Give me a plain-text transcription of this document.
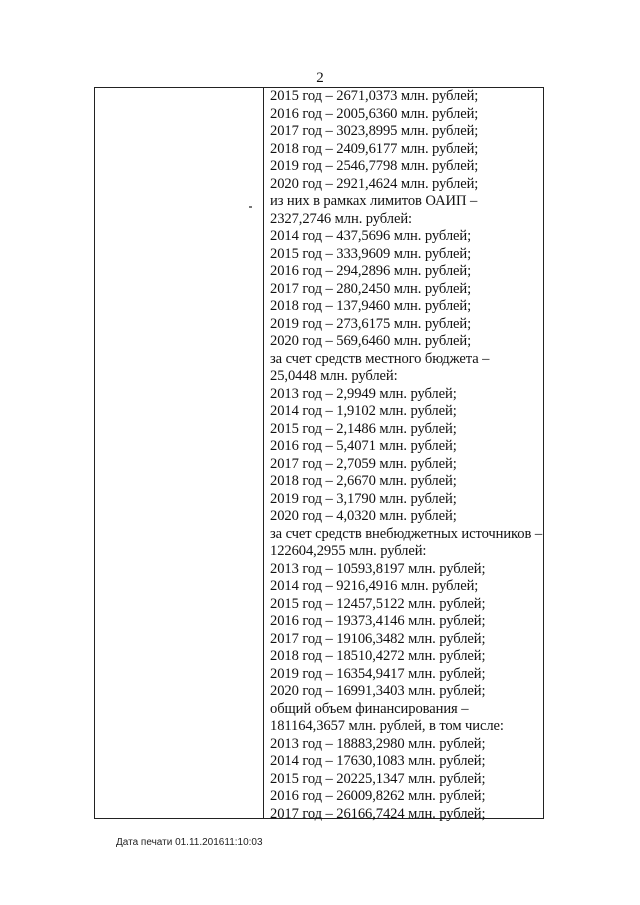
2
2015 год – 2671,0373 млн. рублей;
2016 год – 2005,6360 млн. рублей;
2017 год – 3023,8995 млн. рублей;
2018 год – 2409,6177 млн. рублей;
2019 год – 2546,7798 млн. рублей;
2020 год – 2921,4624 млн. рублей;
из них в рамках лимитов ОАИП –
2327,2746 млн. рублей:
2014 год – 437,5696 млн. рублей;
2015 год – 333,9609 млн. рублей;
2016 год – 294,2896 млн. рублей;
2017 год – 280,2450 млн. рублей;
2018 год – 137,9460 млн. рублей;
2019 год – 273,6175 млн. рублей;
2020 год – 569,6460 млн. рублей;
за счет средств местного бюджета –
25,0448 млн. рублей:
2013 год – 2,9949 млн. рублей;
2014 год – 1,9102 млн. рублей;
2015 год – 2,1486 млн. рублей;
2016 год – 5,4071 млн. рублей;
2017 год – 2,7059 млн. рублей;
2018 год – 2,6670 млн. рублей;
2019 год – 3,1790 млн. рублей;
2020 год – 4,0320 млн. рублей;
за счет средств внебюджетных источников –
122604,2955 млн. рублей:
2013 год – 10593,8197 млн. рублей;
2014 год – 9216,4916 млн. рублей;
2015 год – 12457,5122 млн. рублей;
2016 год – 19373,4146 млн. рублей;
2017 год – 19106,3482 млн. рублей;
2018 год – 18510,4272 млн. рублей;
2019 год – 16354,9417 млн. рублей;
2020 год – 16991,3403 млн. рублей;
общий объем финансирования –
181164,3657 млн. рублей, в том числе:
2013 год – 18883,2980 млн. рублей;
2014 год – 17630,1083 млн. рублей;
2015 год – 20225,1347 млн. рублей;
2016 год – 26009,8262 млн. рублей;
2017 год – 26166,7424 млн. рублей;
Дата печати 01.11.201611:10:03
